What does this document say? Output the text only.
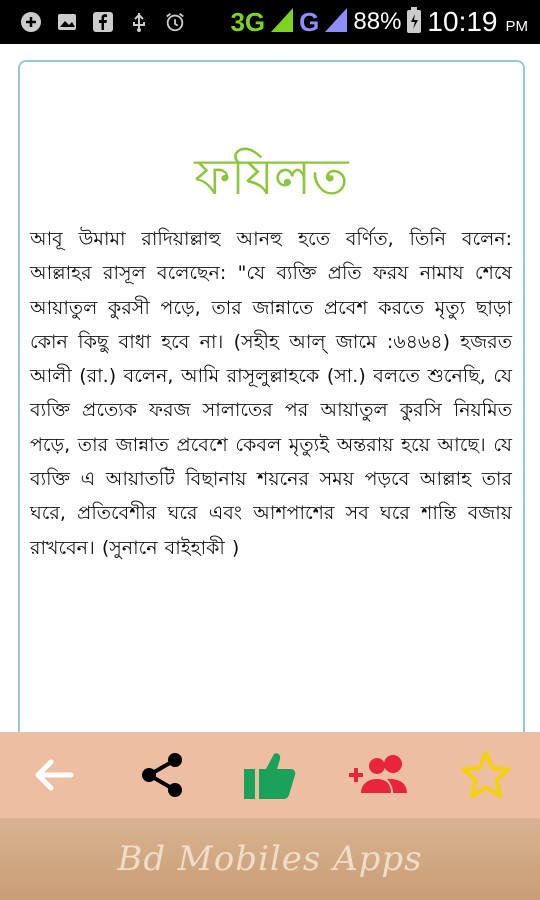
3G G 88% 10:19 PM
ফযিলত
আবূ উমামা রাদিয়াল্লাহু আনহু হতে বর্ণিত, তিনি বলেন: আল্লাহর রাসূল বলেছেন: "যে ব্যক্তি প্রতি ফরয নামায শেষে আয়াতুল কুরসী পড়ে, তার জান্নাতে প্রবেশ করতে মৃত্যু ছাড়া কোন কিছু বাধা হবে না। (সহীহ আল্ জামে :৬৪৬৪) হজরত আলী (রা.) বলেন, আমি রাসূলুল্লাহকে (সা.) বলতে শুনেছি, যে ব্যক্তি প্রত্যেক ফরজ সালাতের পর আয়াতুল কুরসি নিয়মিত পড়ে, তার জান্নাত প্রবেশে কেবল মৃত্যুই অন্তরায় হয়ে আছে। যে ব্যক্তি এ আয়াতটি বিছানায় শয়নের সময় পড়বে আল্লাহ তার ঘরে, প্রতিবেশীর ঘরে এবং আশপাশের সব ঘরে শান্তি বজায় রাখবেন। (সুনানে বাইহাকী )
Bd Mobiles Apps
